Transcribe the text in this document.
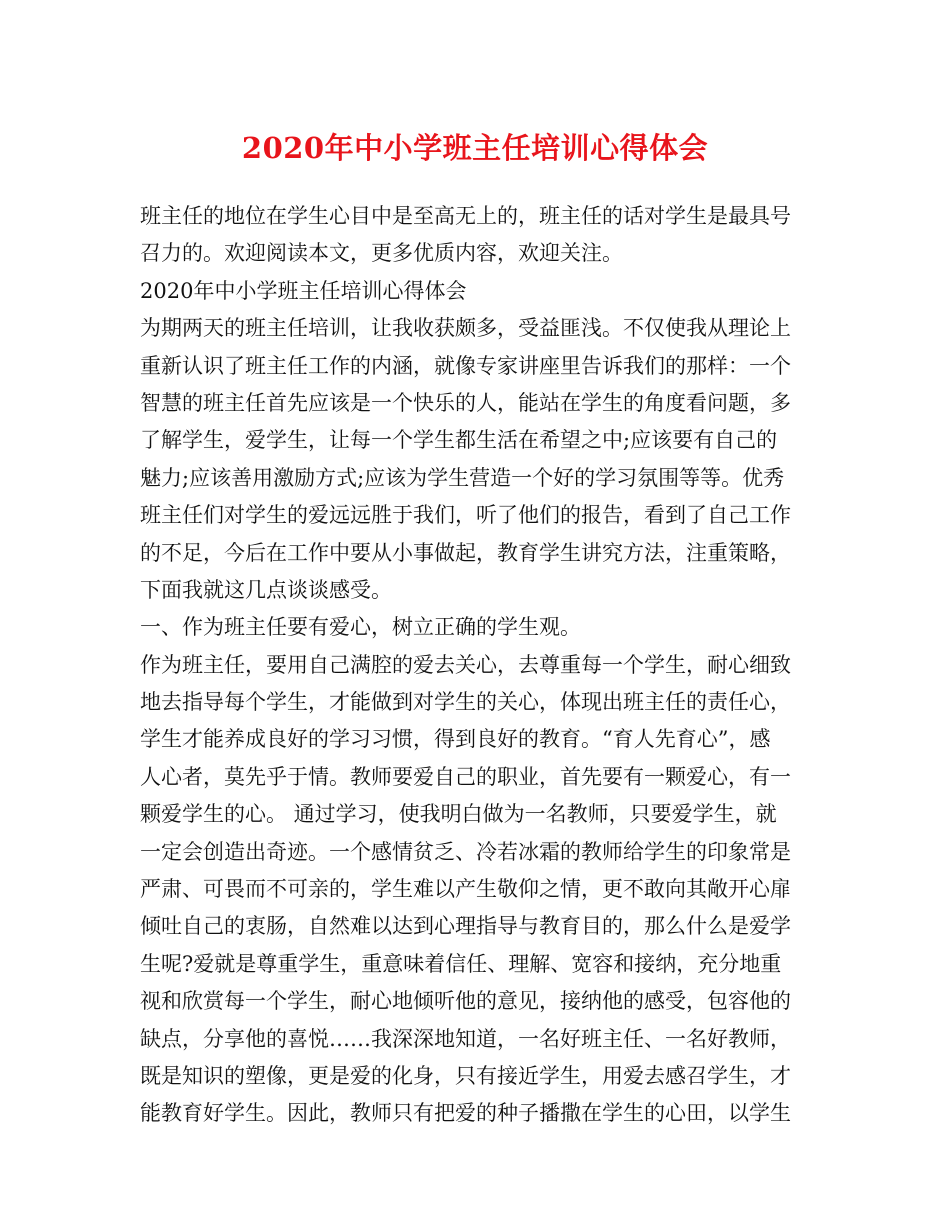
2020年中小学班主任培训心得体会
班主任的地位在学生心目中是至高无上的，班主任的话对学生是最具号
召力的。欢迎阅读本文，更多优质内容，欢迎关注。
2020年中小学班主任培训心得体会
为期两天的班主任培训，让我收获颇多，受益匪浅。不仅使我从理论上
重新认识了班主任工作的内涵，就像专家讲座里告诉我们的那样：一个
智慧的班主任首先应该是一个快乐的人，能站在学生的角度看问题，多
了解学生，爱学生，让每一个学生都生活在希望之中;应该要有自己的
魅力;应该善用激励方式;应该为学生营造一个好的学习氛围等等。优秀
班主任们对学生的爱远远胜于我们，听了他们的报告，看到了自己工作
的不足，今后在工作中要从小事做起，教育学生讲究方法，注重策略，
下面我就这几点谈谈感受。
一、作为班主任要有爱心，树立正确的学生观。
作为班主任，要用自己满腔的爱去关心，去尊重每一个学生，耐心细致
地去指导每个学生，才能做到对学生的关心，体现出班主任的责任心，
学生才能养成良好的学习习惯，得到良好的教育。“育人先育心”，感
人心者，莫先乎于情。教师要爱自己的职业，首先要有一颗爱心，有一
颗爱学生的心。 通过学习，使我明白做为一名教师，只要爱学生，就
一定会创造出奇迹。一个感情贫乏、冷若冰霜的教师给学生的印象常是
严肃、可畏而不可亲的，学生难以产生敬仰之情，更不敢向其敞开心扉
倾吐自己的衷肠，自然难以达到心理指导与教育目的，那么什么是爱学
生呢?爱就是尊重学生，重意味着信任、理解、宽容和接纳，充分地重
视和欣赏每一个学生，耐心地倾听他的意见，接纳他的感受，包容他的
缺点，分享他的喜悦……我深深地知道，一名好班主任、一名好教师，
既是知识的塑像，更是爱的化身，只有接近学生，用爱去感召学生，才
能教育好学生。因此，教师只有把爱的种子播撒在学生的心田，以学生
